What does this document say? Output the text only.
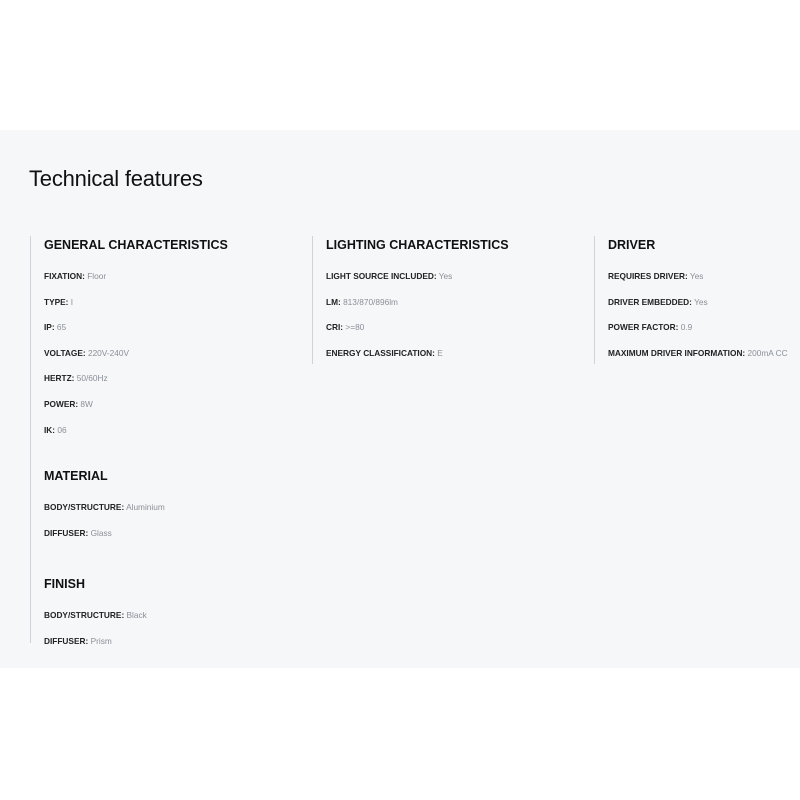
Technical features
GENERAL CHARACTERISTICS
FIXATION: Floor
TYPE: I
IP: 65
VOLTAGE: 220V-240V
HERTZ: 50/60Hz
POWER: 8W
IK: 06
MATERIAL
BODY/STRUCTURE: Aluminium
DIFFUSER: Glass
FINISH
BODY/STRUCTURE: Black
DIFFUSER: Prism
LIGHTING CHARACTERISTICS
LIGHT SOURCE INCLUDED: Yes
LM: 813/870/896lm
CRI: >=80
ENERGY CLASSIFICATION: E
DRIVER
REQUIRES DRIVER: Yes
DRIVER EMBEDDED: Yes
POWER FACTOR: 0.9
MAXIMUM DRIVER INFORMATION: 200mA CC
